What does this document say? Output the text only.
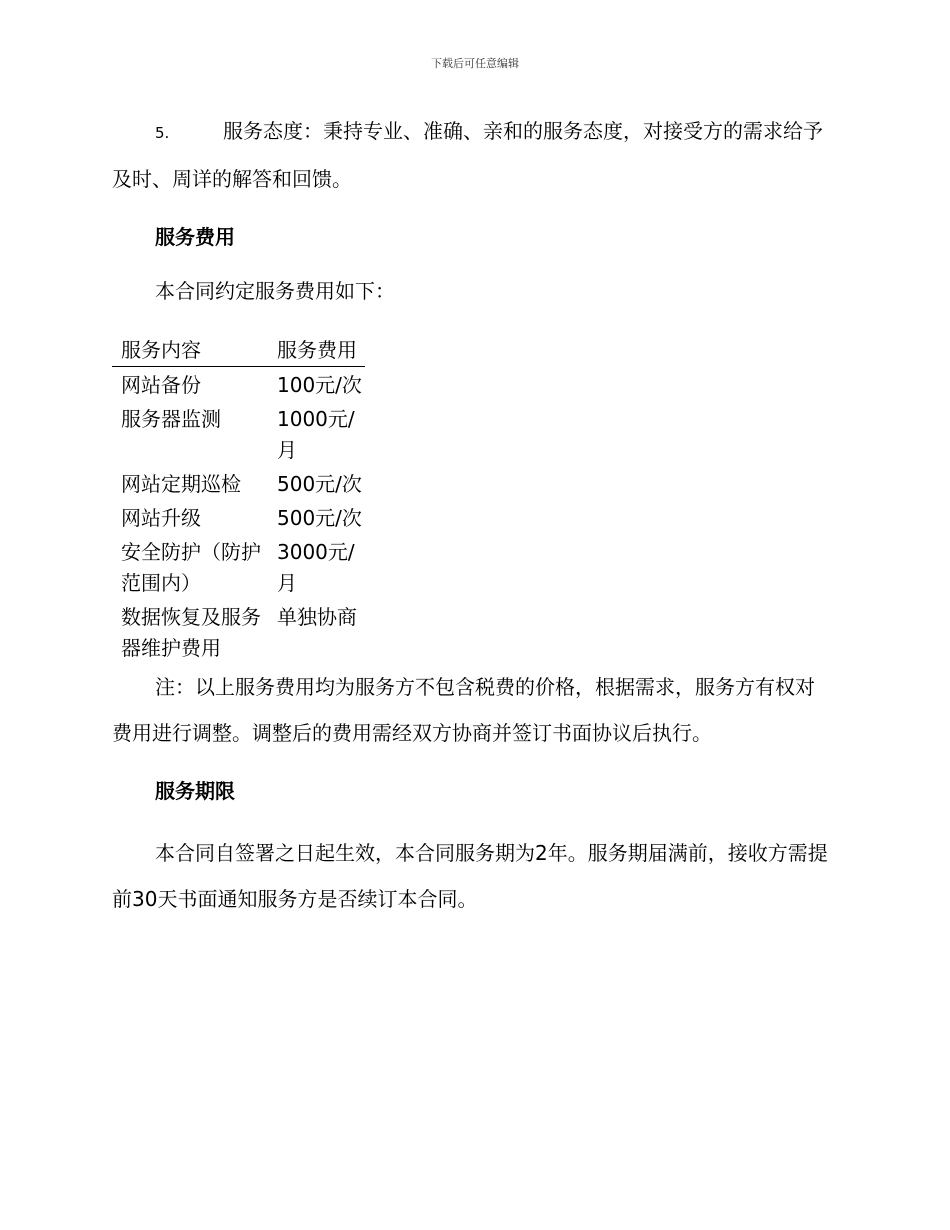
下载后可任意编辑

5.	服务态度：秉持专业、准确、亲和的服务态度，对接受方的需求给予及时、周详的解答和回馈。

服务费用

本合同约定服务费用如下：

服务内容	服务费用
网站备份	100元/次
服务器监测	1000元/月
网站定期巡检	500元/次
网站升级	500元/次
安全防护（防护范围内）	3000元/月
数据恢复及服务器维护费用	单独协商

注：以上服务费用均为服务方不包含税费的价格，根据需求，服务方有权对费用进行调整。调整后的费用需经双方协商并签订书面协议后执行。

服务期限

本合同自签署之日起生效，本合同服务期为2年。服务期届满前，接收方需提前30天书面通知服务方是否续订本合同。
